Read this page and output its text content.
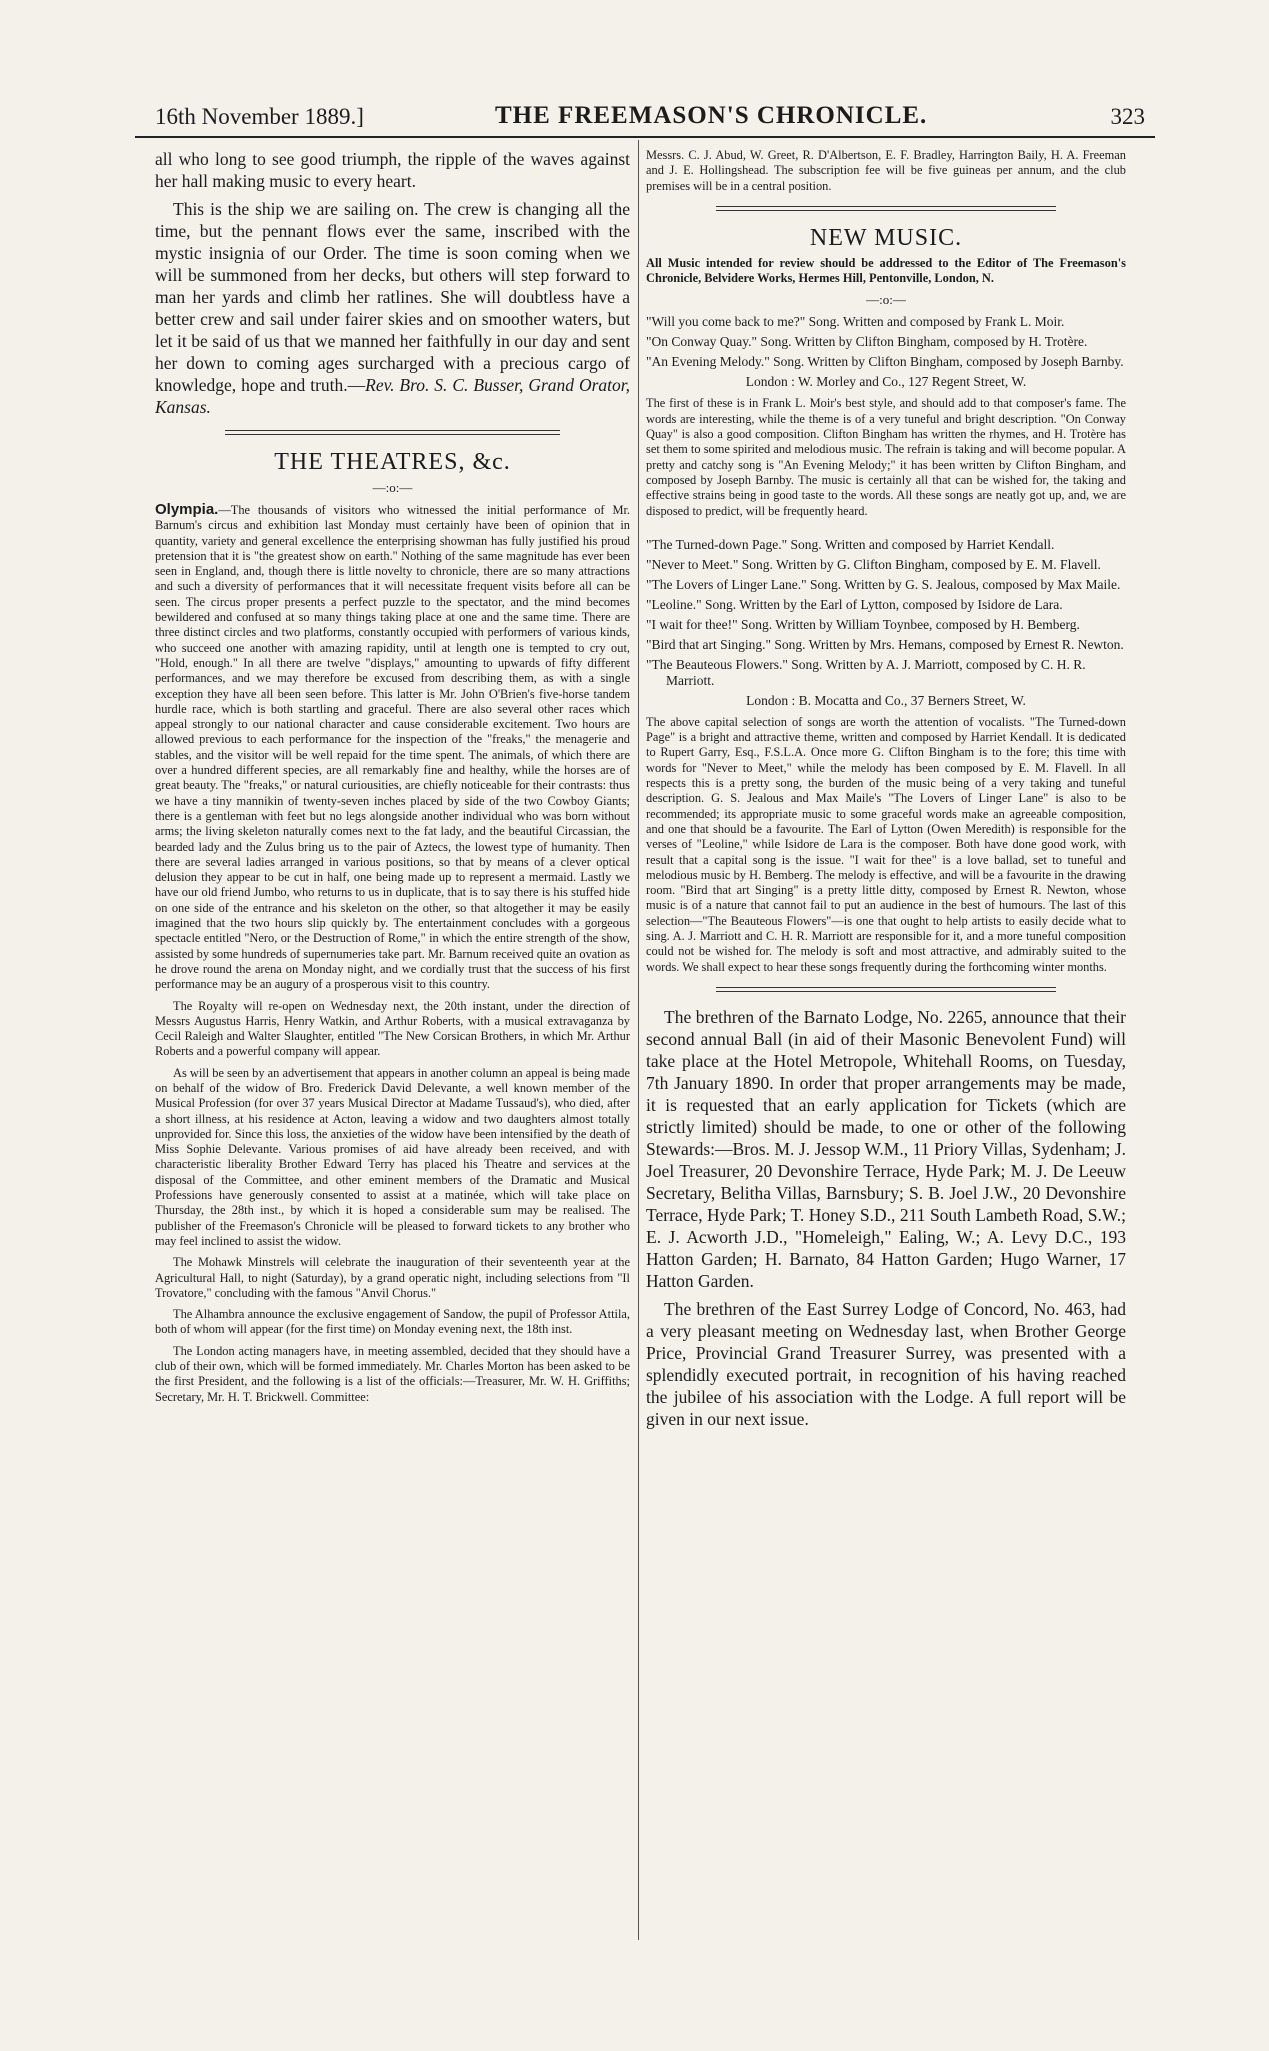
16th November 1889.]	THE FREEMASON'S CHRONICLE.	323

all who long to see good triumph, the ripple of the waves against her hall making music to every heart.

This is the ship we are sailing on. The crew is changing all the time, but the pennant flows ever the same, inscribed with the mystic insignia of our Order. The time is soon coming when we will be summoned from her decks, but others will step forward to man her yards and climb her ratlines. She will doubtless have a better crew and sail under fairer skies and on smoother waters, but let it be said of us that we manned her faithfully in our day and sent her down to coming ages surcharged with a precious cargo of knowledge, hope and truth.—Rev. Bro. S. C. Busser, Grand Orator, Kansas.

THE THEATRES, &c.
—:o:—

Olympia.—The thousands of visitors who witnessed the initial performance of Mr. Barnum's circus and exhibition last Monday must certainly have been of opinion that in quantity, variety and general excellence the enterprising showman has fully justified his proud pretension that it is "the greatest show on earth." Nothing of the same magnitude has ever been seen in England, and, though there is little novelty to chronicle, there are so many attractions and such a diversity of performances that it will necessitate frequent visits before all can be seen. The circus proper presents a perfect puzzle to the spectator, and the mind becomes bewildered and confused at so many things taking place at one and the same time. There are three distinct circles and two platforms, constantly occupied with performers of various kinds, who succeed one another with amazing rapidity, until at length one is tempted to cry out, "Hold, enough." In all there are twelve "displays," amounting to upwards of fifty different performances, and we may therefore be excused from describing them, as with a single exception they have all been seen before. This latter is Mr. John O'Brien's five-horse tandem hurdle race, which is both startling and graceful. There are also several other races which appeal strongly to our national character and cause considerable excitement. Two hours are allowed previous to each performance for the inspection of the "freaks," the menagerie and stables, and the visitor will be well repaid for the time spent. The animals, of which there are over a hundred different species, are all remarkably fine and healthy, while the horses are of great beauty. The "freaks," or natural curiousities, are chiefly noticeable for their contrasts: thus we have a tiny mannikin of twenty-seven inches placed by side of the two Cowboy Giants; there is a gentleman with feet but no legs alongside another individual who was born without arms; the living skeleton naturally comes next to the fat lady, and the beautiful Circassian, the bearded lady and the Zulus bring us to the pair of Aztecs, the lowest type of humanity. Then there are several ladies arranged in various positions, so that by means of a clever optical delusion they appear to be cut in half, one being made up to represent a mermaid. Lastly we have our old friend Jumbo, who returns to us in duplicate, that is to say there is his stuffed hide on one side of the entrance and his skeleton on the other, so that altogether it may be easily imagined that the two hours slip quickly by. The entertainment concludes with a gorgeous spectacle entitled "Nero, or the Destruction of Rome," in which the entire strength of the show, assisted by some hundreds of supernumeries take part. Mr. Barnum received quite an ovation as he drove round the arena on Monday night, and we cordially trust that the success of his first performance may be an augury of a prosperous visit to this country.

The Royalty will re-open on Wednesday next, the 20th instant, under the direction of Messrs Augustus Harris, Henry Watkin, and Arthur Roberts, with a musical extravaganza by Cecil Raleigh and Walter Slaughter, entitled "The New Corsican Brothers, in which Mr. Arthur Roberts and a powerful company will appear.

As will be seen by an advertisement that appears in another column an appeal is being made on behalf of the widow of Bro. Frederick David Delevante, a well known member of the Musical Profession (for over 37 years Musical Director at Madame Tussaud's), who died, after a short illness, at his residence at Acton, leaving a widow and two daughters almost totally unprovided for. Since this loss, the anxieties of the widow have been intensified by the death of Miss Sophie Delevante. Various promises of aid have already been received, and with characteristic liberality Brother Edward Terry has placed his Theatre and services at the disposal of the Committee, and other eminent members of the Dramatic and Musical Professions have generously consented to assist at a matinée, which will take place on Thursday, the 28th inst., by which it is hoped a considerable sum may be realised. The publisher of the Freemason's Chronicle will be pleased to forward tickets to any brother who may feel inclined to assist the widow.

The Mohawk Minstrels will celebrate the inauguration of their seventeenth year at the Agricultural Hall, to night (Saturday), by a grand operatic night, including selections from "Il Trovatore," concluding with the famous "Anvil Chorus."

The Alhambra announce the exclusive engagement of Sandow, the pupil of Professor Attila, both of whom will appear (for the first time) on Monday evening next, the 18th inst.

The London acting managers have, in meeting assembled, decided that they should have a club of their own, which will be formed immediately. Mr. Charles Morton has been asked to be the first President, and the following is a list of the officials:—Treasurer, Mr. W. H. Griffiths; Secretary, Mr. H. T. Brickwell. Committee:

Messrs. C. J. Abud, W. Greet, R. D'Albertson, E. F. Bradley, Harrington Baily, H. A. Freeman and J. E. Hollingshead. The subscription fee will be five guineas per annum, and the club premises will be in a central position.

NEW MUSIC.

All Music intended for review should be addressed to the Editor of The Freemason's Chronicle, Belvidere Works, Hermes Hill, Pentonville, London, N.

—:o:—

"Will you come back to me?" Song. Written and composed by Frank L. Moir.

"On Conway Quay." Song. Written by Clifton Bingham, composed by H. Trotère.

"An Evening Melody." Song. Written by Clifton Bingham, composed by Joseph Barnby.

London : W. Morley and Co., 127 Regent Street, W.

The first of these is in Frank L. Moir's best style, and should add to that composer's fame. The words are interesting, while the theme is of a very tuneful and bright description. "On Conway Quay" is also a good composition. Clifton Bingham has written the rhymes, and H. Trotère has set them to some spirited and melodious music. The refrain is taking and will become popular. A pretty and catchy song is "An Evening Melody;" it has been written by Clifton Bingham, and composed by Joseph Barnby. The music is certainly all that can be wished for, the taking and effective strains being in good taste to the words. All these songs are neatly got up, and, we are disposed to predict, will be frequently heard.

"The Turned-down Page." Song. Written and composed by Harriet Kendall.

"Never to Meet." Song. Written by G. Clifton Bingham, composed by E. M. Flavell.

"The Lovers of Linger Lane." Song. Written by G. S. Jealous, composed by Max Maile.

"Leoline." Song. Written by the Earl of Lytton, composed by Isidore de Lara.

"I wait for thee!" Song. Written by William Toynbee, composed by H. Bemberg.

"Bird that art Singing." Song. Written by Mrs. Hemans, composed by Ernest R. Newton.

"The Beauteous Flowers." Song. Written by A. J. Marriott, composed by C. H. R. Marriott.

London : B. Mocatta and Co., 37 Berners Street, W.

The above capital selection of songs are worth the attention of vocalists. "The Turned-down Page" is a bright and attractive theme, written and composed by Harriet Kendall. It is dedicated to Rupert Garry, Esq., F.S.L.A. Once more G. Clifton Bingham is to the fore; this time with words for "Never to Meet," while the melody has been composed by E. M. Flavell. In all respects this is a pretty song, the burden of the music being of a very taking and tuneful description. G. S. Jealous and Max Maile's "The Lovers of Linger Lane" is also to be recommended; its appropriate music to some graceful words make an agreeable composition, and one that should be a favourite. The Earl of Lytton (Owen Meredith) is responsible for the verses of "Leoline," while Isidore de Lara is the composer. Both have done good work, with result that a capital song is the issue. "I wait for thee" is a love ballad, set to tuneful and melodious music by H. Bemberg. The melody is effective, and will be a favourite in the drawing room. "Bird that art Singing" is a pretty little ditty, composed by Ernest R. Newton, whose music is of a nature that cannot fail to put an audience in the best of humours. The last of this selection—"The Beauteous Flowers"—is one that ought to help artists to easily decide what to sing. A. J. Marriott and C. H. R. Marriott are responsible for it, and a more tuneful composition could not be wished for. The melody is soft and most attractive, and admirably suited to the words. We shall expect to hear these songs frequently during the forthcoming winter months.

The brethren of the Barnato Lodge, No. 2265, announce that their second annual Ball (in aid of their Masonic Benevolent Fund) will take place at the Hotel Metropole, Whitehall Rooms, on Tuesday, 7th January 1890. In order that proper arrangements may be made, it is requested that an early application for Tickets (which are strictly limited) should be made, to one or other of the following Stewards:—Bros. M. J. Jessop W.M., 11 Priory Villas, Sydenham; J. Joel Treasurer, 20 Devonshire Terrace, Hyde Park; M. J. De Leeuw Secretary, Belitha Villas, Barnsbury; S. B. Joel J.W., 20 Devonshire Terrace, Hyde Park; T. Honey S.D., 211 South Lambeth Road, S.W.; E. J. Acworth J.D., "Homeleigh," Ealing, W.; A. Levy D.C., 193 Hatton Garden; H. Barnato, 84 Hatton Garden; Hugo Warner, 17 Hatton Garden.

The brethren of the East Surrey Lodge of Concord, No. 463, had a very pleasant meeting on Wednesday last, when Brother George Price, Provincial Grand Treasurer Surrey, was presented with a splendidly executed portrait, in recognition of his having reached the jubilee of his association with the Lodge. A full report will be given in our next issue.
